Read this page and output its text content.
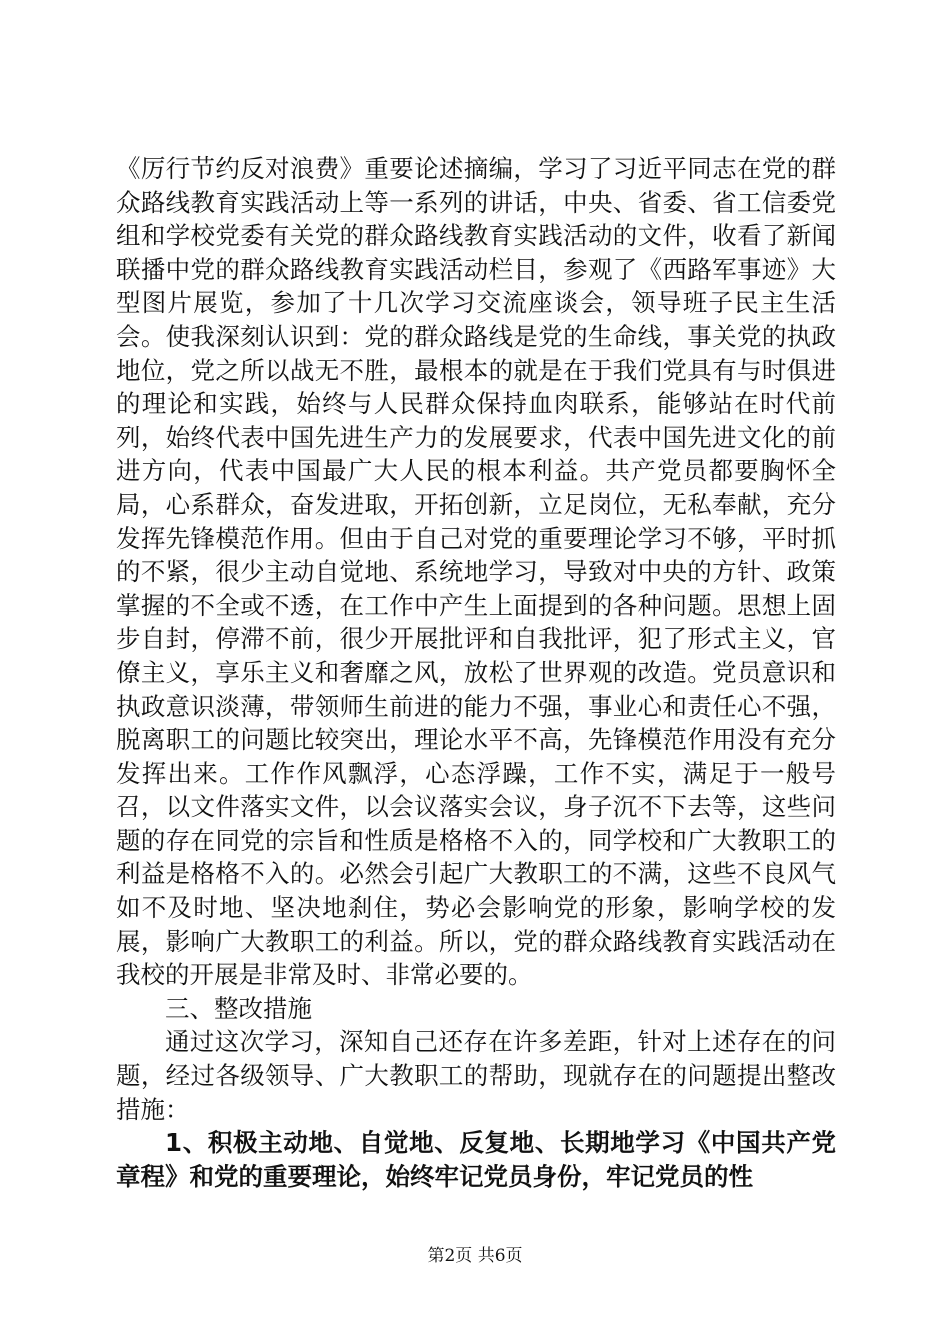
《厉行节约反对浪费》重要论述摘编，学习了习近平同志在党的群众路线教育实践活动上等一系列的讲话，中央、省委、省工信委党组和学校党委有关党的群众路线教育实践活动的文件，收看了新闻联播中党的群众路线教育实践活动栏目，参观了《西路军事迹》大型图片展览，参加了十几次学习交流座谈会，领导班子民主生活会。使我深刻认识到：党的群众路线是党的生命线，事关党的执政地位，党之所以战无不胜，最根本的就是在于我们党具有与时俱进的理论和实践，始终与人民群众保持血肉联系，能够站在时代前列，始终代表中国先进生产力的发展要求，代表中国先进文化的前进方向，代表中国最广大人民的根本利益。共产党员都要胸怀全局，心系群众，奋发进取，开拓创新，立足岗位，无私奉献，充分发挥先锋模范作用。但由于自己对党的重要理论学习不够，平时抓的不紧，很少主动自觉地、系统地学习，导致对中央的方针、政策掌握的不全或不透，在工作中产生上面提到的各种问题。思想上固步自封，停滞不前，很少开展批评和自我批评，犯了形式主义，官僚主义，享乐主义和奢靡之风，放松了世界观的改造。党员意识和执政意识淡薄，带领师生前进的能力不强，事业心和责任心不强，脱离职工的问题比较突出，理论水平不高，先锋模范作用没有充分发挥出来。工作作风飘浮，心态浮躁，工作不实，满足于一般号召，以文件落实文件，以会议落实会议，身子沉不下去等，这些问题的存在同党的宗旨和性质是格格不入的，同学校和广大教职工的利益是格格不入的。必然会引起广大教职工的不满，这些不良风气如不及时地、坚决地刹住，势必会影响党的形象，影响学校的发展，影响广大教职工的利益。所以，党的群众路线教育实践活动在我校的开展是非常及时、非常必要的。

三、整改措施

通过这次学习，深知自己还存在许多差距，针对上述存在的问题，经过各级领导、广大教职工的帮助，现就存在的问题提出整改措施：

1、积极主动地、自觉地、反复地、长期地学习《中国共产党章程》和党的重要理论，始终牢记党员身份，牢记党员的性

第2页 共6页
